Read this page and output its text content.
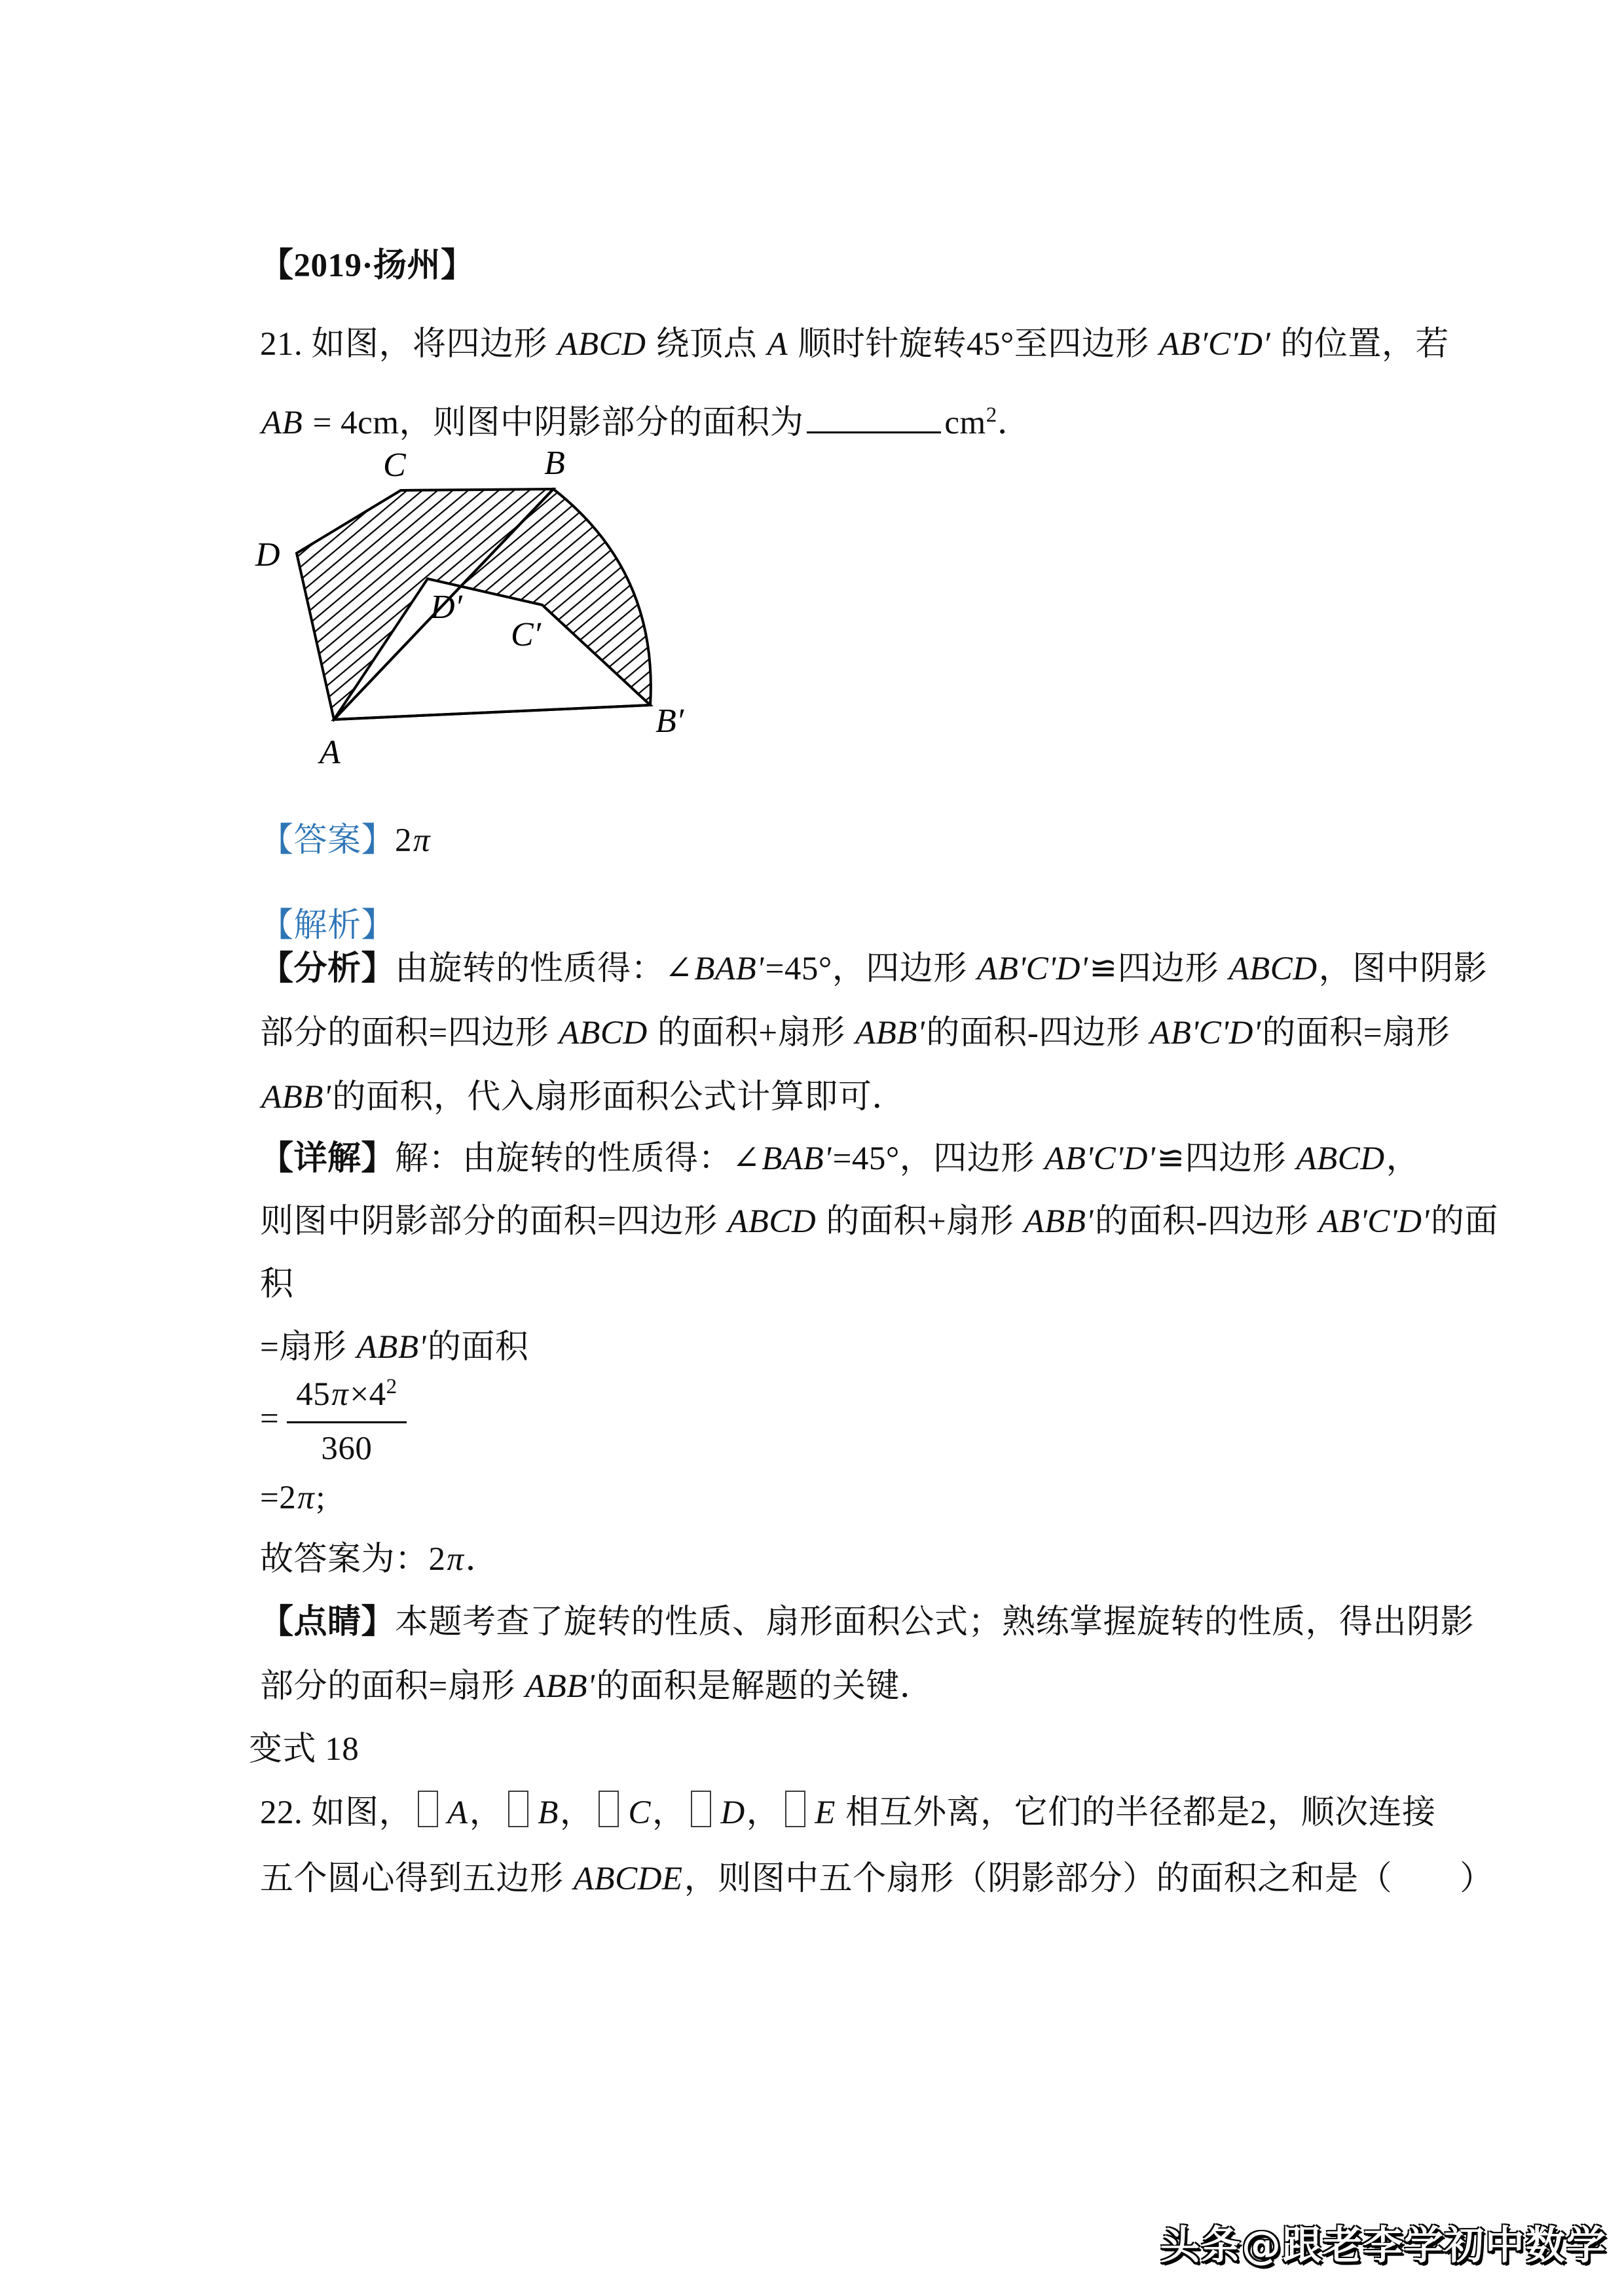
【2019·扬州】

21. 如图，将四边形 ABCD 绕顶点 A 顺时针旋转45°至四边形 AB′C′D′ 的位置，若

AB = 4cm，则图中阴影部分的面积为	$cm^2$．

A
B
C
D
D′
C′
B′

【答案】2π

【解析】

【分析】由旋转的性质得：∠BAB'=45°，四边形 AB'C'D'≌四边形 ABCD，图中阴影

部分的面积=四边形 ABCD 的面积+扇形 ABB'的面积-四边形 AB'C'D'的面积=扇形

ABB'的面积，代入扇形面积公式计算即可．

【详解】解：由旋转的性质得：∠BAB'=45°，四边形 AB'C'D'≌四边形 ABCD，

则图中阴影部分的面积=四边形 ABCD 的面积+扇形 ABB'的面积-四边形 AB'C'D'的面

积

=扇形 ABB'的面积

= $\frac{45\pi\times 4^2}{360}$

=2π;

故答案为：2π．

【点睛】本题考查了旋转的性质、扇形面积公式；熟练掌握旋转的性质，得出阴影

部分的面积=扇形 ABB'的面积是解题的关键．

变式 18

22. 如图， A， B， C， D， E 相互外离，它们的半径都是2，顺次连接

五个圆心得到五边形 ABCDE，则图中五个扇形（阴影部分）的面积之和是（　　）

头条@跟老李学初中数学
